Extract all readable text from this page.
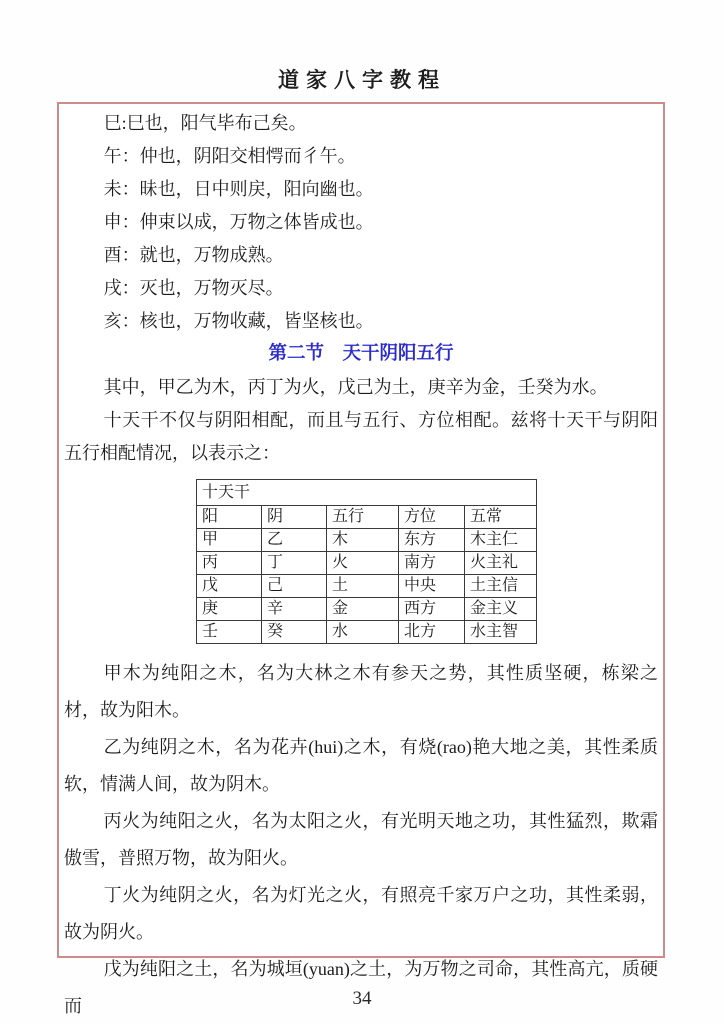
道家八字教程

巳:巳也，阳气毕布己矣。

午：仲也，阴阳交相愕而彳午。

未：昧也，日中则戻，阳向幽也。

申：伸束以成，万物之体皆成也。

酉：就也，万物成熟。

戌：灭也，万物灭尽。

亥：核也，万物收藏，皆坚核也。

第二节　天干阴阳五行

其中，甲乙为木，丙丁为火，戊己为土，庚辛为金，壬癸为水。

十天干不仅与阴阳相配，而且与五行、方位相配。兹将十天干与阴阳五行相配情况，以表示之：

十天干				
阳	阴	五行	方位	五常
甲	乙	木	东方	木主仁
丙	丁	火	南方	火主礼
戊	己	土	中央	土主信
庚	辛	金	西方	金主义
壬	癸	水	北方	水主智

甲木为纯阳之木，名为大林之木有参天之势，其性质坚硬，栋梁之材，故为阳木。

乙为纯阴之木，名为花卉(hui)之木，有烧(rao)艳大地之美，其性柔质软，情满人间，故为阴木。

丙火为纯阳之火，名为太阳之火，有光明天地之功，其性猛烈，欺霜傲雪，普照万物，故为阳火。

丁火为纯阴之火，名为灯光之火，有照亮千家万户之功，其性柔弱，故为阴火。

戊为纯阳之土，名为城垣(yuan)之土，为万物之司命，其性高亢，质硬而	34
